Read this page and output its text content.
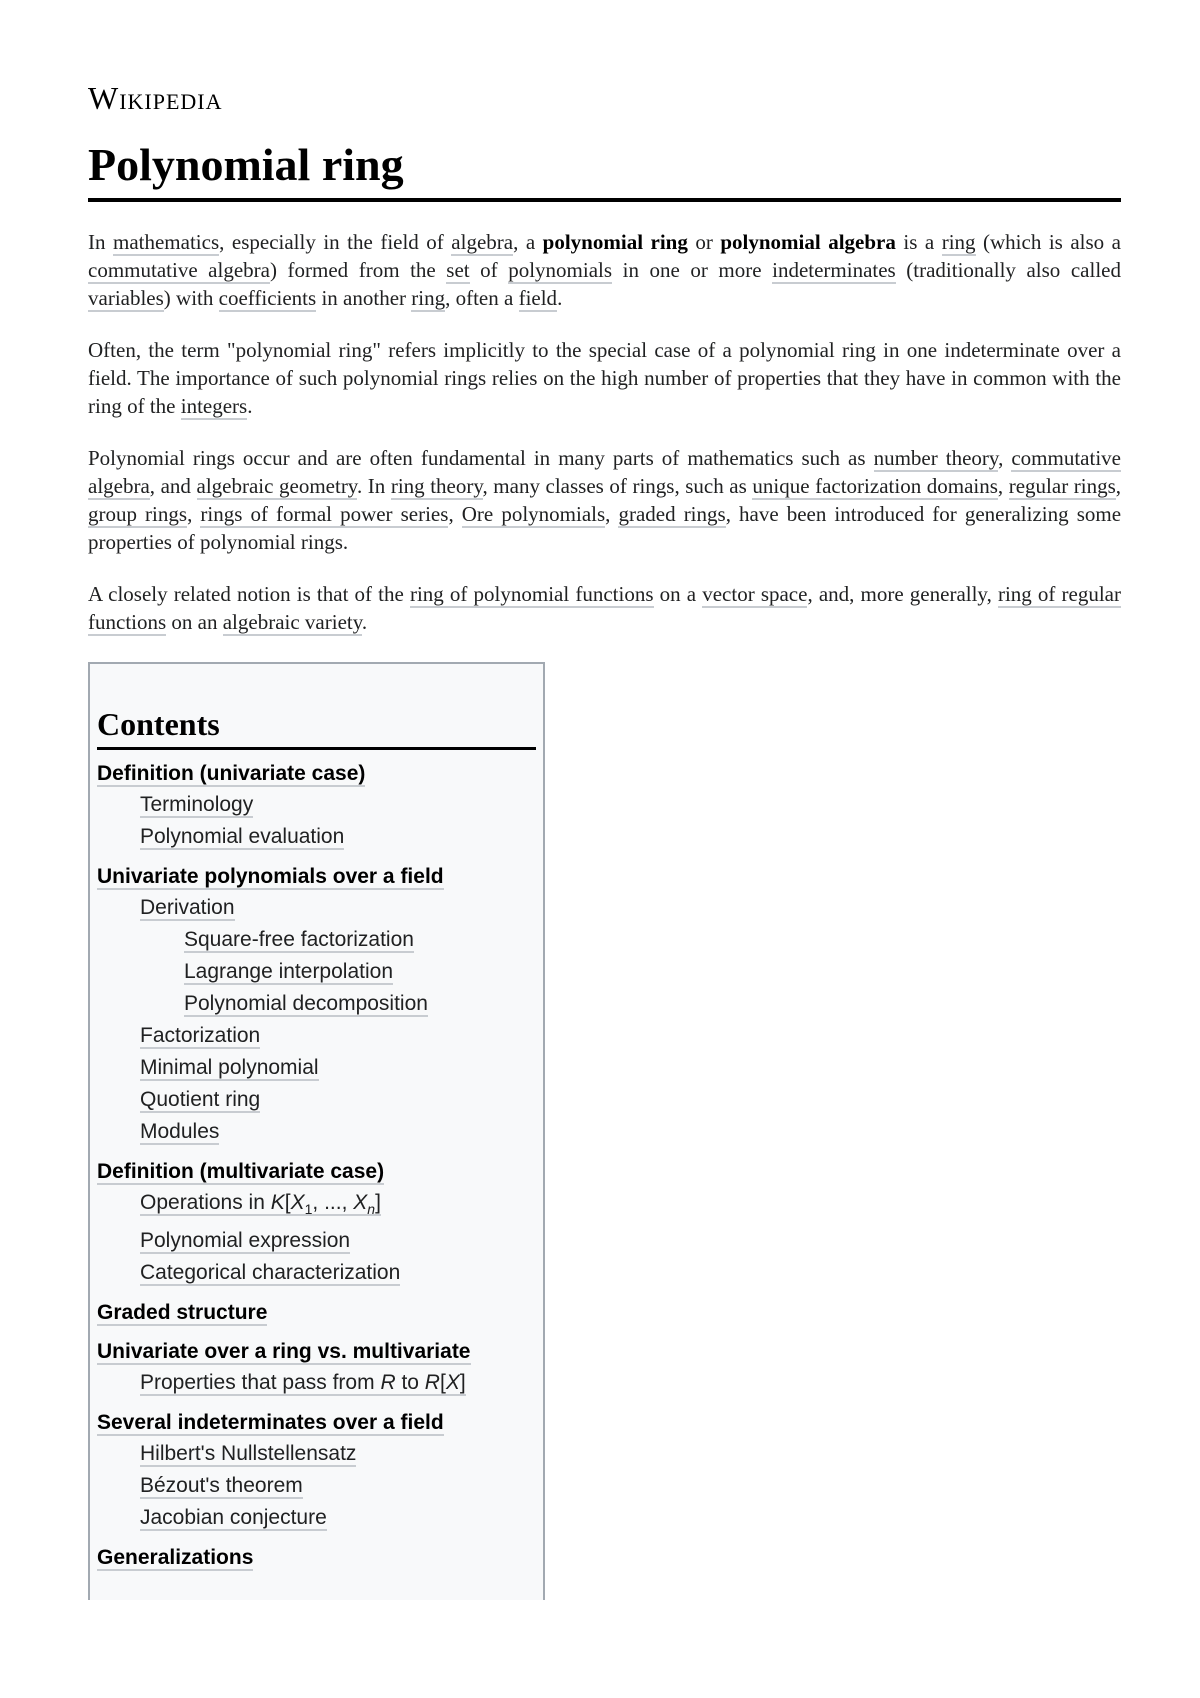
Wikipedia
Polynomial ring

In mathematics, especially in the field of algebra, a polynomial ring or polynomial algebra is a ring (which is also a commutative algebra) formed from the set of polynomials in one or more indeterminates (traditionally also called variables) with coefficients in another ring, often a field.

Often, the term "polynomial ring" refers implicitly to the special case of a polynomial ring in one indeterminate over a field. The importance of such polynomial rings relies on the high number of properties that they have in common with the ring of the integers.

Polynomial rings occur and are often fundamental in many parts of mathematics such as number theory, commutative algebra, and algebraic geometry. In ring theory, many classes of rings, such as unique factorization domains, regular rings, group rings, rings of formal power series, Ore polynomials, graded rings, have been introduced for generalizing some properties of polynomial rings.

A closely related notion is that of the ring of polynomial functions on a vector space, and, more generally, ring of regular functions on an algebraic variety.

Contents
Definition (univariate case)
Terminology
Polynomial evaluation
Univariate polynomials over a field
Derivation
Square-free factorization
Lagrange interpolation
Polynomial decomposition
Factorization
Minimal polynomial
Quotient ring
Modules
Definition (multivariate case)
Operations in $K[X_1$, ..., $X_n$]
Polynomial expression
Categorical characterization
Graded structure
Univariate over a ring vs. multivariate
Properties that pass from R to R[X]
Several indeterminates over a field
Hilbert's Nullstellensatz
Bézout's theorem
Jacobian conjecture
Generalizations
